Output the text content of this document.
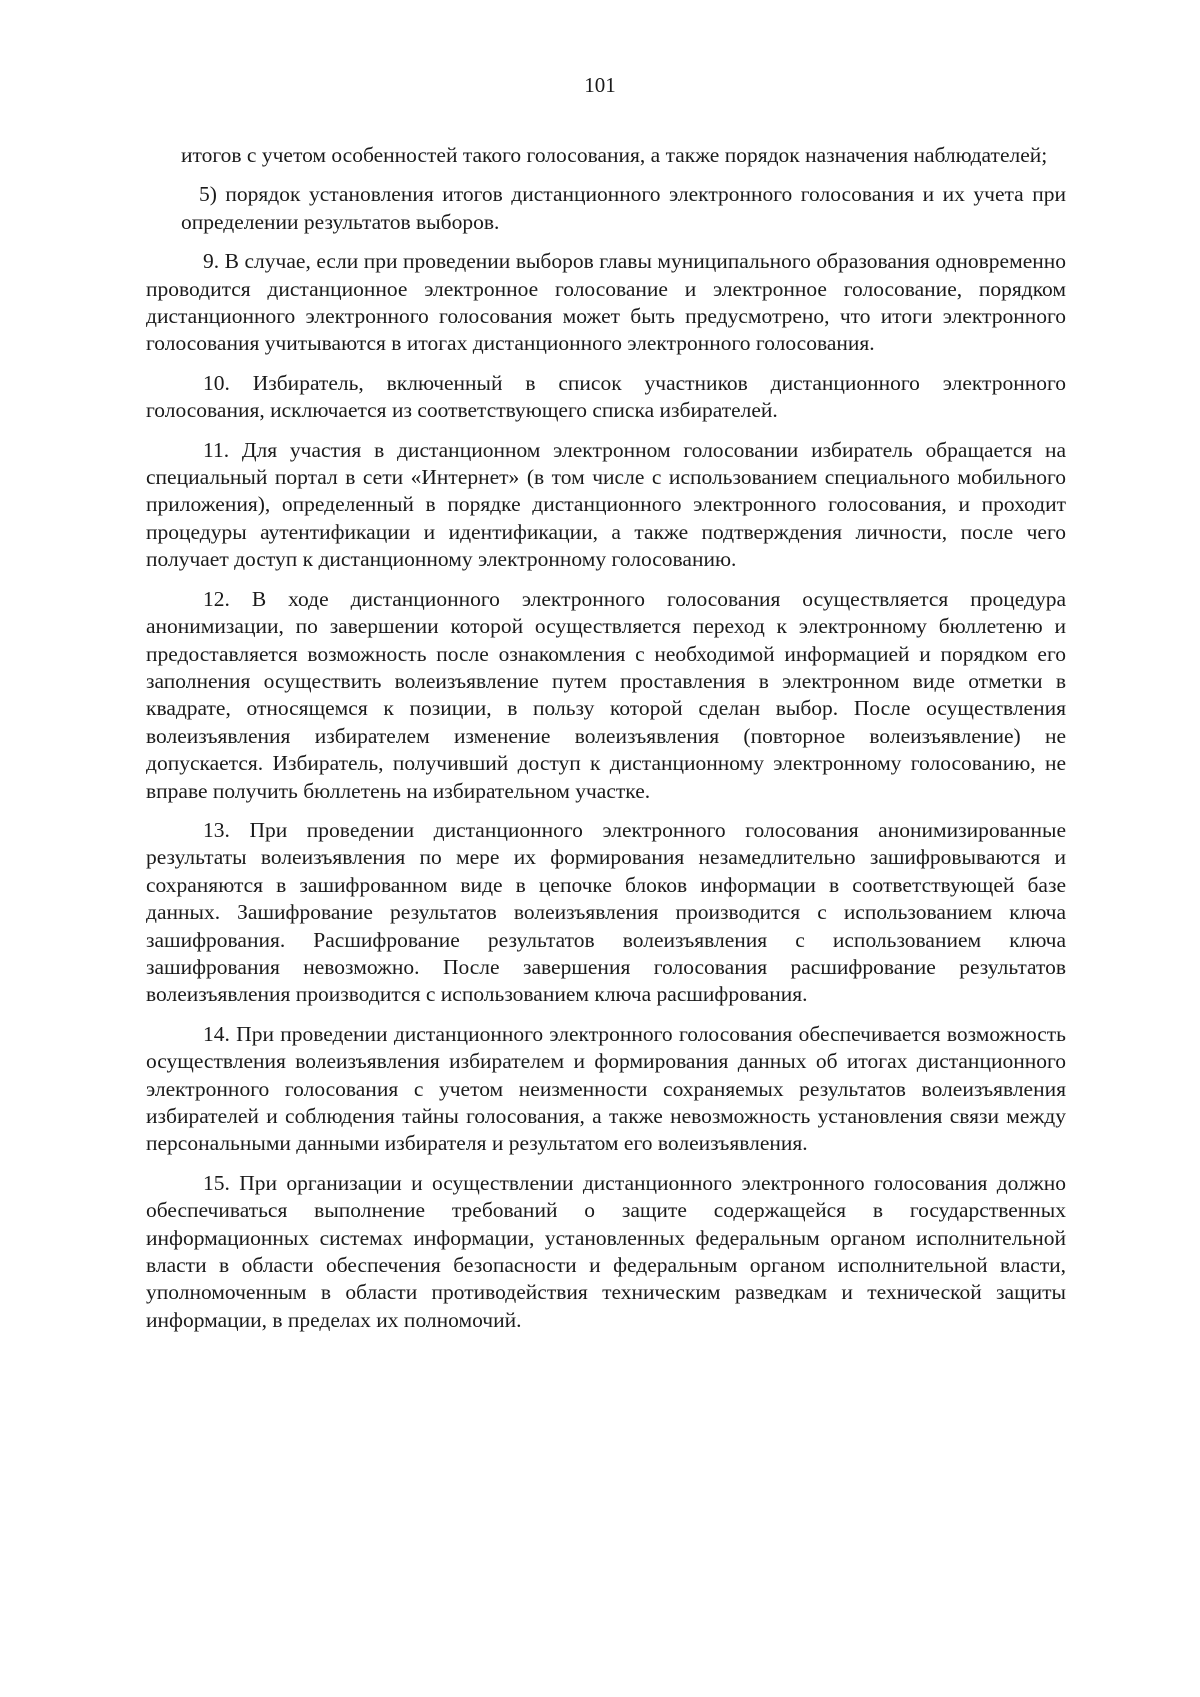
101

итогов с учетом особенностей такого голосования, а также порядок назначения наблюдателей;

5) порядок установления итогов дистанционного электронного голосования и их учета при определении результатов выборов.

9. В случае, если при проведении выборов главы муниципального образования одновременно проводится дистанционное электронное голосование и электронное голосование, порядком дистанционного электронного голосования может быть предусмотрено, что итоги электронного голосования учитываются в итогах дистанционного электронного голосования.

10. Избиратель, включенный в список участников дистанционного электронного голосования, исключается из соответствующего списка избирателей.

11. Для участия в дистанционном электронном голосовании избиратель обращается на специальный портал в сети «Интернет» (в том числе с использованием специального мобильного приложения), определенный в порядке дистанционного электронного голосования, и проходит процедуры аутентификации и идентификации, а также подтверждения личности, после чего получает доступ к дистанционному электронному голосованию.

12. В ходе дистанционного электронного голосования осуществляется процедура анонимизации, по завершении которой осуществляется переход к электронному бюллетеню и предоставляется возможность после ознакомления с необходимой информацией и порядком его заполнения осуществить волеизъявление путем проставления в электронном виде отметки в квадрате, относящемся к позиции, в пользу которой сделан выбор. После осуществления волеизъявления избирателем изменение волеизъявления (повторное волеизъявление) не допускается. Избиратель, получивший доступ к дистанционному электронному голосованию, не вправе получить бюллетень на избирательном участке.

13. При проведении дистанционного электронного голосования анонимизированные результаты волеизъявления по мере их формирования незамедлительно зашифровываются и сохраняются в зашифрованном виде в цепочке блоков информации в соответствующей базе данных. Зашифрование результатов волеизъявления производится с использованием ключа зашифрования. Расшифрование результатов волеизъявления с использованием ключа зашифрования невозможно. После завершения голосования расшифрование результатов волеизъявления производится с использованием ключа расшифрования.

14. При проведении дистанционного электронного голосования обеспечивается возможность осуществления волеизъявления избирателем и формирования данных об итогах дистанционного электронного голосования с учетом неизменности сохраняемых результатов волеизъявления избирателей и соблюдения тайны голосования, а также невозможность установления связи между персональными данными избирателя и результатом его волеизъявления.

15. При организации и осуществлении дистанционного электронного голосования должно обеспечиваться выполнение требований о защите содержащейся в государственных информационных системах информации, установленных федеральным органом исполнительной власти в области обеспечения безопасности и федеральным органом исполнительной власти, уполномоченным в области противодействия техническим разведкам и технической защиты информации, в пределах их полномочий.
